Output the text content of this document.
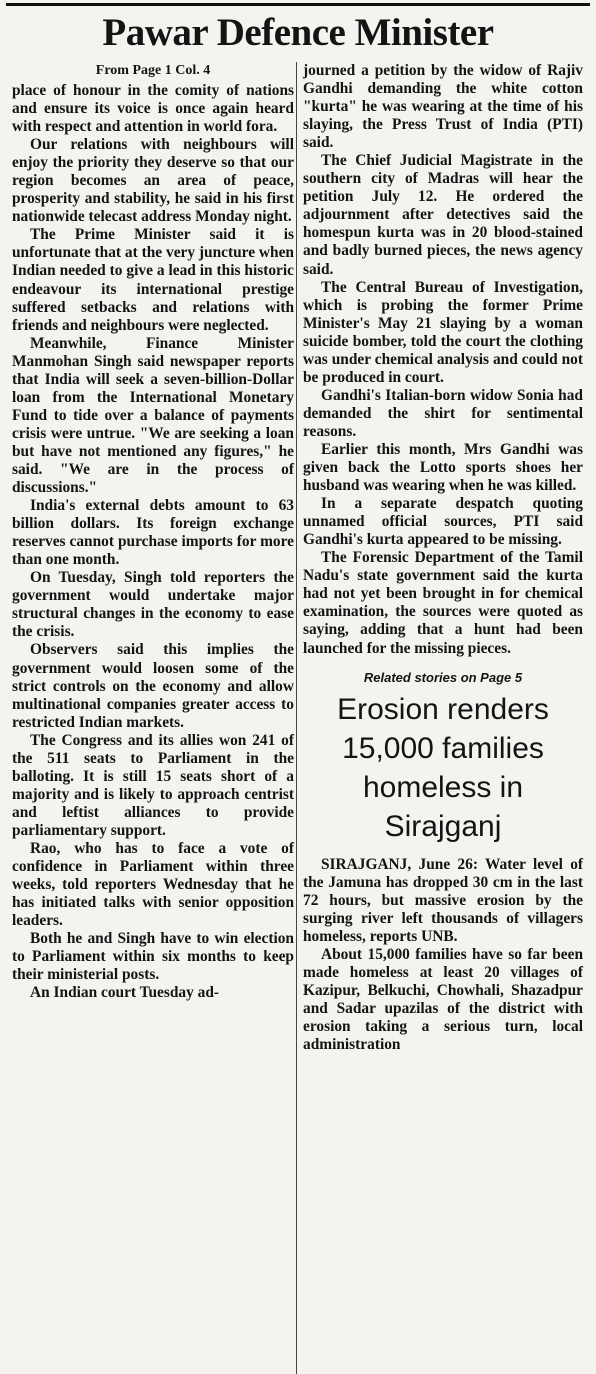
Pawar Defence Minister
From Page 1 Col. 4

place of honour in the comity of nations and ensure its voice is once again heard with respect and attention in world fora.

Our relations with neighbours will enjoy the priority they deserve so that our region becomes an area of peace, prosperity and stability, he said in his first nationwide telecast address Monday night.

The Prime Minister said it is unfortunate that at the very juncture when Indian needed to give a lead in this historic endeavour its international prestige suffered setbacks and relations with friends and neighbours were neglected.

Meanwhile, Finance Minister Manmohan Singh said newspaper reports that India will seek a seven-billion-Dollar loan from the International Monetary Fund to tide over a balance of payments crisis were untrue. "We are seeking a loan but have not mentioned any figures," he said. "We are in the process of discussions."

India's external debts amount to 63 billion dollars. Its foreign exchange reserves cannot purchase imports for more than one month.

On Tuesday, Singh told reporters the government would undertake major structural changes in the economy to ease the crisis.

Observers said this implies the government would loosen some of the strict controls on the economy and allow multinational companies greater access to restricted Indian markets.

The Congress and its allies won 241 of the 511 seats to Parliament in the balloting. It is still 15 seats short of a majority and is likely to approach centrist and leftist alliances to provide parliamentary support.

Rao, who has to face a vote of confidence in Parliament within three weeks, told reporters Wednesday that he has initiated talks with senior opposition leaders.

Both he and Singh have to win election to Parliament within six months to keep their ministerial posts.

An Indian court Tuesday ad-

journed a petition by the widow of Rajiv Gandhi demanding the white cotton "kurta" he was wearing at the time of his slaying, the Press Trust of India (PTI) said.

The Chief Judicial Magistrate in the southern city of Madras will hear the petition July 12. He ordered the adjournment after detectives said the homespun kurta was in 20 blood-stained and badly burned pieces, the news agency said.

The Central Bureau of Investigation, which is probing the former Prime Minister's May 21 slaying by a woman suicide bomber, told the court the clothing was under chemical analysis and could not be produced in court.

Gandhi's Italian-born widow Sonia had demanded the shirt for sentimental reasons.

Earlier this month, Mrs Gandhi was given back the Lotto sports shoes her husband was wearing when he was killed.

In a separate despatch quoting unnamed official sources, PTI said Gandhi's kurta appeared to be missing.

The Forensic Department of the Tamil Nadu's state government said the kurta had not yet been brought in for chemical examination, the sources were quoted as saying, adding that a hunt had been launched for the missing pieces.

Related stories on Page 5
Erosion renders 15,000 families homeless in Sirajganj

SIRAJGANJ, June 26: Water level of the Jamuna has dropped 30 cm in the last 72 hours, but massive erosion by the surging river left thousands of villagers homeless, reports UNB.

About 15,000 families have so far been made homeless at least 20 villages of Kazipur, Belkuchi, Chowhali, Shazadpur and Sadar upazilas of the district with erosion taking a serious turn, local administration
